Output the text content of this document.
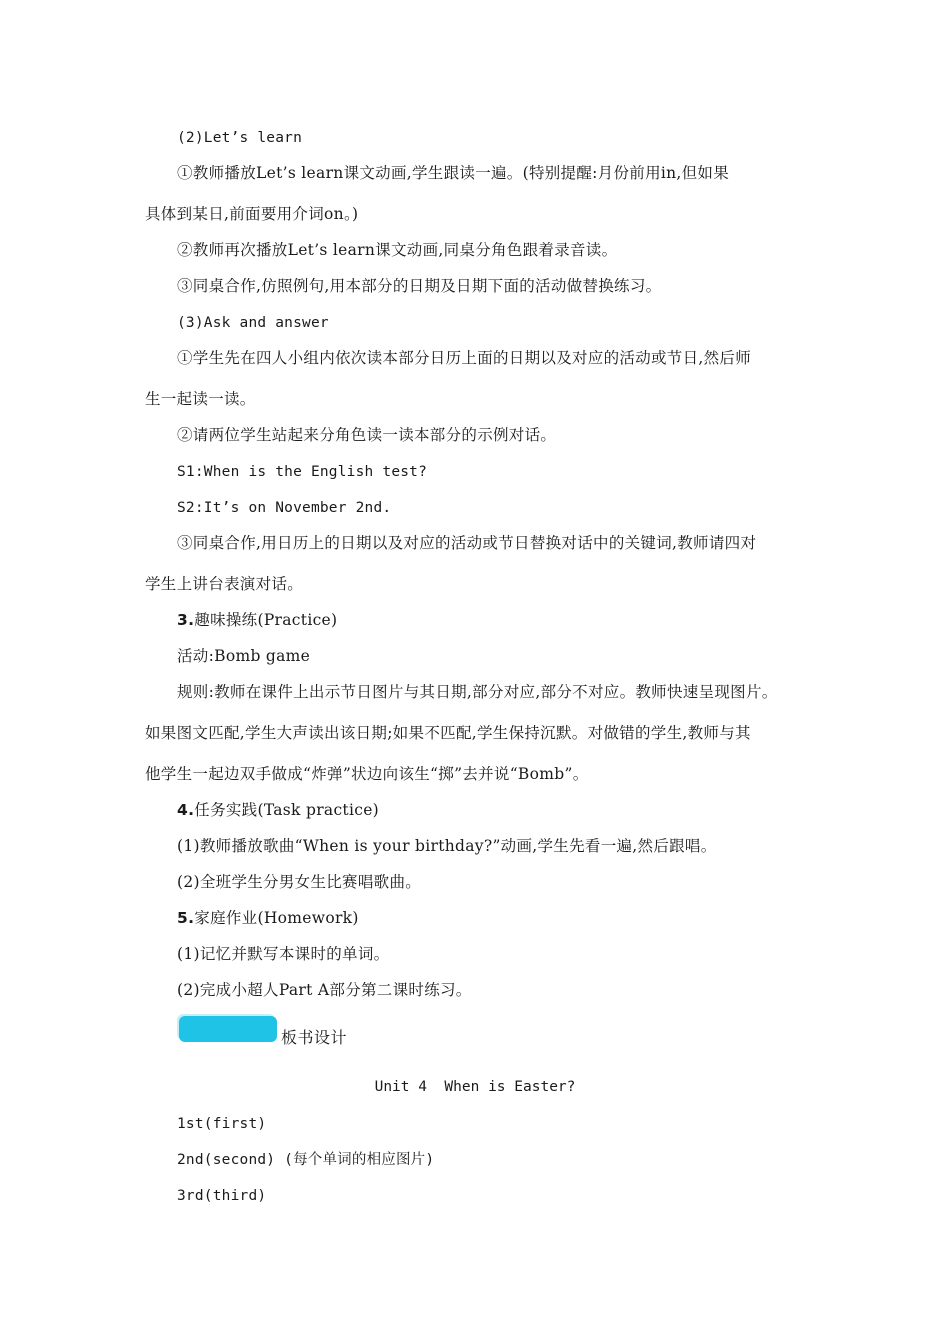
(2)Let’s learn
①教师播放Let’s learn课文动画,学生跟读一遍。(特别提醒:月份前用in,但如果
具体到某日,前面要用介词on。)
②教师再次播放Let’s learn课文动画,同桌分角色跟着录音读。
③同桌合作,仿照例句,用本部分的日期及日期下面的活动做替换练习。
(3)Ask and answer
①学生先在四人小组内依次读本部分日历上面的日期以及对应的活动或节日,然后师
生一起读一读。
②请两位学生站起来分角色读一读本部分的示例对话。
S1:When is the English test?
S2:It’s on November 2nd.
③同桌合作,用日历上的日期以及对应的活动或节日替换对话中的关键词,教师请四对
学生上讲台表演对话。
3.趣味操练(Practice)
活动:Bomb game
规则:教师在课件上出示节日图片与其日期,部分对应,部分不对应。教师快速呈现图片。
如果图文匹配,学生大声读出该日期;如果不匹配,学生保持沉默。对做错的学生,教师与其
他学生一起边双手做成“炸弹”状边向该生“掷”去并说“Bomb”。
4.任务实践(Task practice)
(1)教师播放歌曲“When is your birthday?”动画,学生先看一遍,然后跟唱。
(2)全班学生分男女生比赛唱歌曲。
5.家庭作业(Homework)
(1)记忆并默写本课时的单词。
(2)完成小超人Part A部分第二课时练习。
板书设计
Unit 4  When is Easter?
1st(first)
2nd(second) (每个单词的相应图片)
3rd(third)
